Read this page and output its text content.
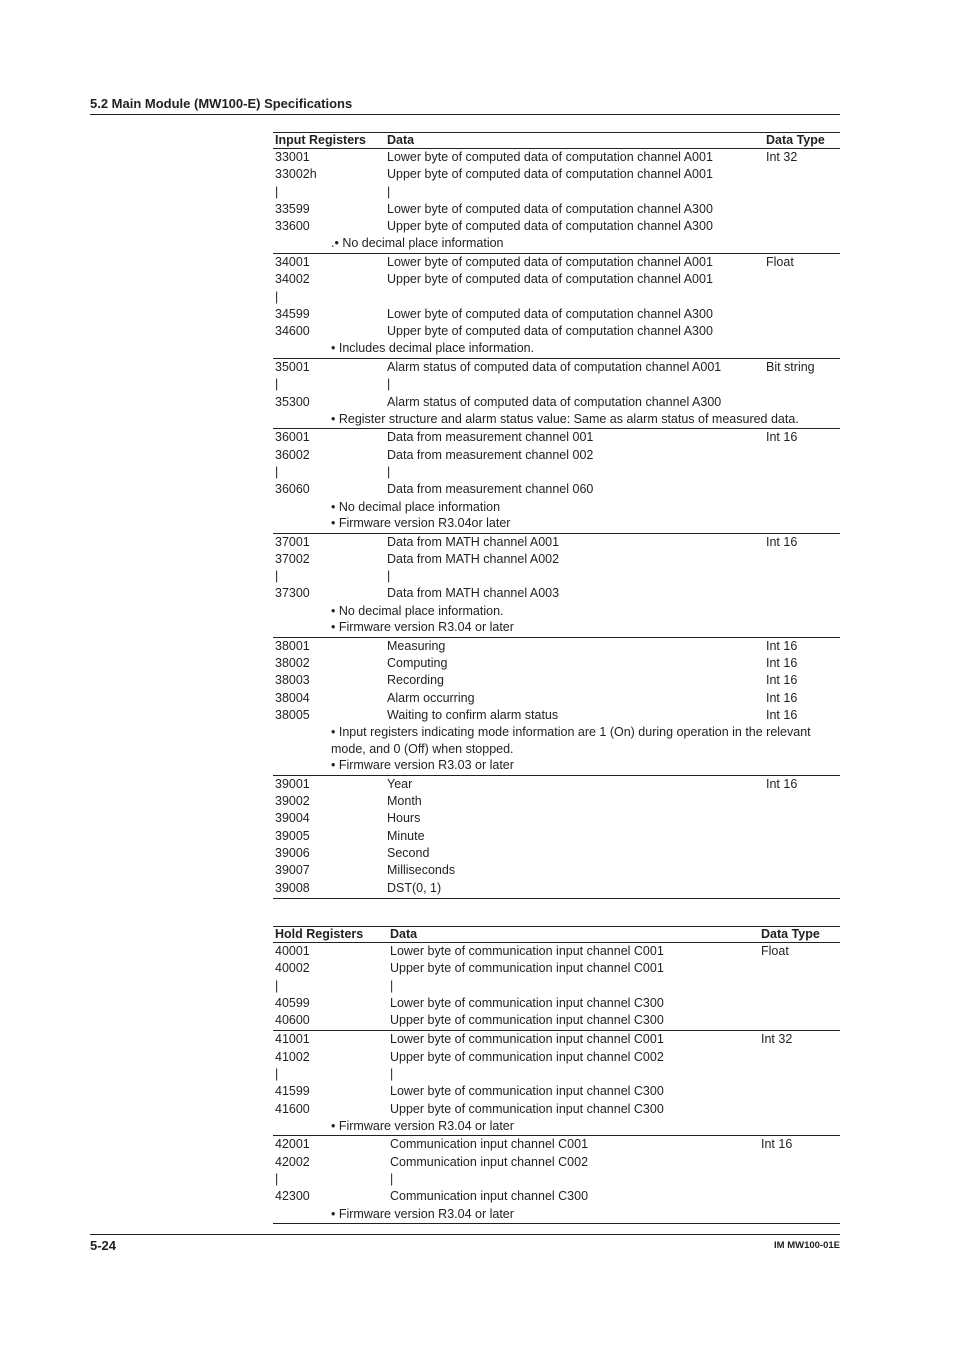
5.2 Main Module (MW100-E) Specifications
Input Registers Data	Data Type
33001	Lower byte of computed data of computation channel A001	Int 32
33002h	Upper byte of computed data of computation channel A001
|	|
33599	Lower byte of computed data of computation channel A300
33600	Upper byte of computed data of computation channel A300
.• No decimal place information
34001	Lower byte of computed data of computation channel A001	Float
34002	Upper byte of computed data of computation channel A001
|
34599	Lower byte of computed data of computation channel A300
34600	Upper byte of computed data of computation channel A300
• Includes decimal place information.
35001	Alarm status of computed data of computation channel A001	Bit string
|	|
35300	Alarm status of computed data of computation channel A300
• Register structure and alarm status value: Same as alarm status of measured data.
36001	Data from measurement channel 001	Int 16
36002	Data from measurement channel 002
|	|
36060	Data from measurement channel 060
• No decimal place information
• Firmware version R3.04or later
37001	Data from MATH channel A001	Int 16
37002	Data from MATH channel A002
|	|
37300	Data from MATH channel A003
• No decimal place information.
• Firmware version R3.04 or later
38001	Measuring	Int 16
38002	Computing	Int 16
38003	Recording	Int 16
38004	Alarm occurring	Int 16
38005	Waiting to confirm alarm status	Int 16
• Input registers indicating mode information are 1 (On) during operation in the relevant mode, and 0 (Off) when stopped.
• Firmware version R3.03 or later
39001	Year	Int 16
39002	Month
39004	Hours
39005	Minute
39006	Second
39007	Milliseconds
39008	DST(0, 1)
Hold Registers Data	Data Type
40001	Lower byte of communication input channel C001	Float
40002	Upper byte of communication input channel C001
|	|
40599	Lower byte of communication input channel C300
40600	Upper byte of communication input channel C300
41001	Lower byte of communication input channel C001	Int 32
41002	Upper byte of communication input channel C002
|	|
41599	Lower byte of communication input channel C300
41600	Upper byte of communication input channel C300
• Firmware version R3.04 or later
42001	Communication input channel C001	Int 16
42002	Communication input channel C002
|	|
42300	Communication input channel C300
• Firmware version R3.04 or later
5-24	IM MW100-01E
